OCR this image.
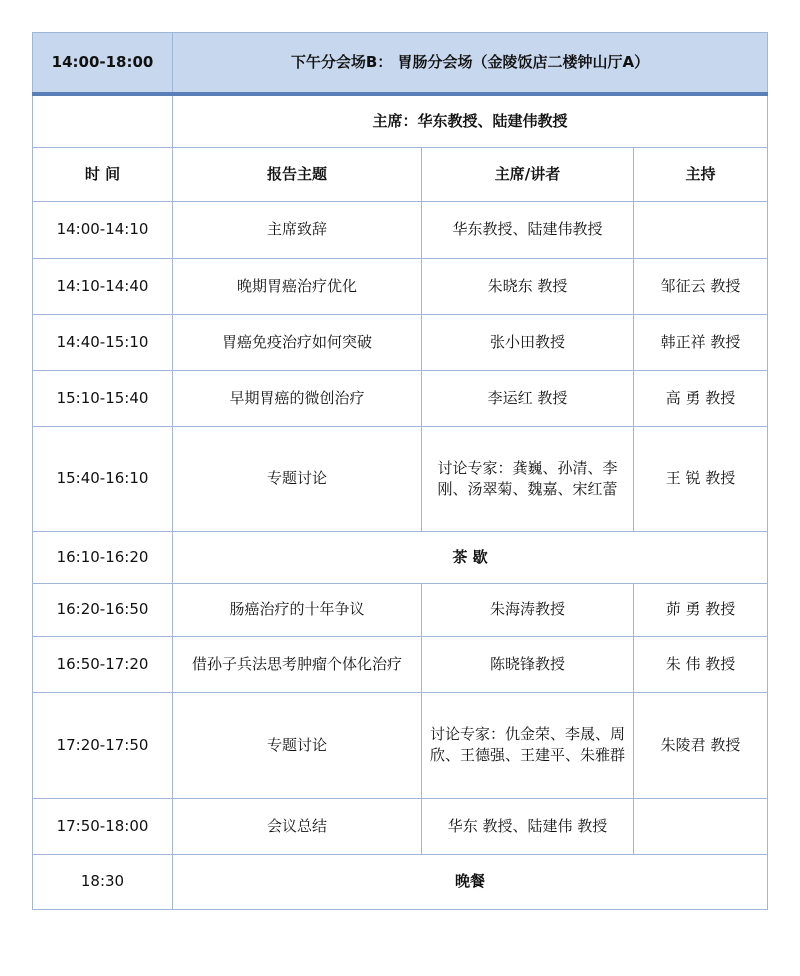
14:00-18:00	下午分会场B： 胃肠分会场（金陵饭店二楼钟山厅A）		
	主席：华东教授、陆建伟教授		
时 间	报告主题	主席/讲者	主持
14:00-14:10	主席致辞	华东教授、陆建伟教授	
14:10-14:40	晚期胃癌治疗优化	朱晓东 教授	邹征云 教授
14:40-15:10	胃癌免疫治疗如何突破	张小田教授	韩正祥 教授
15:10-15:40	早期胃癌的微创治疗	李运红 教授	高 勇 教授
15:40-16:10	专题讨论	讨论专家：龚巍、孙清、李刚、汤翠菊、魏嘉、宋红蕾	王 锐 教授
16:10-16:20	茶 歇		
16:20-16:50	肠癌治疗的十年争议	朱海涛教授	茆 勇 教授
16:50-17:20	借孙子兵法思考肿瘤个体化治疗	陈晓锋教授	朱 伟 教授
17:20-17:50	专题讨论	讨论专家：仇金荣、李晟、周欣、王德强、王建平、朱雅群	朱陵君 教授
17:50-18:00	会议总结	华东 教授、陆建伟 教授	
18:30	晚餐		
